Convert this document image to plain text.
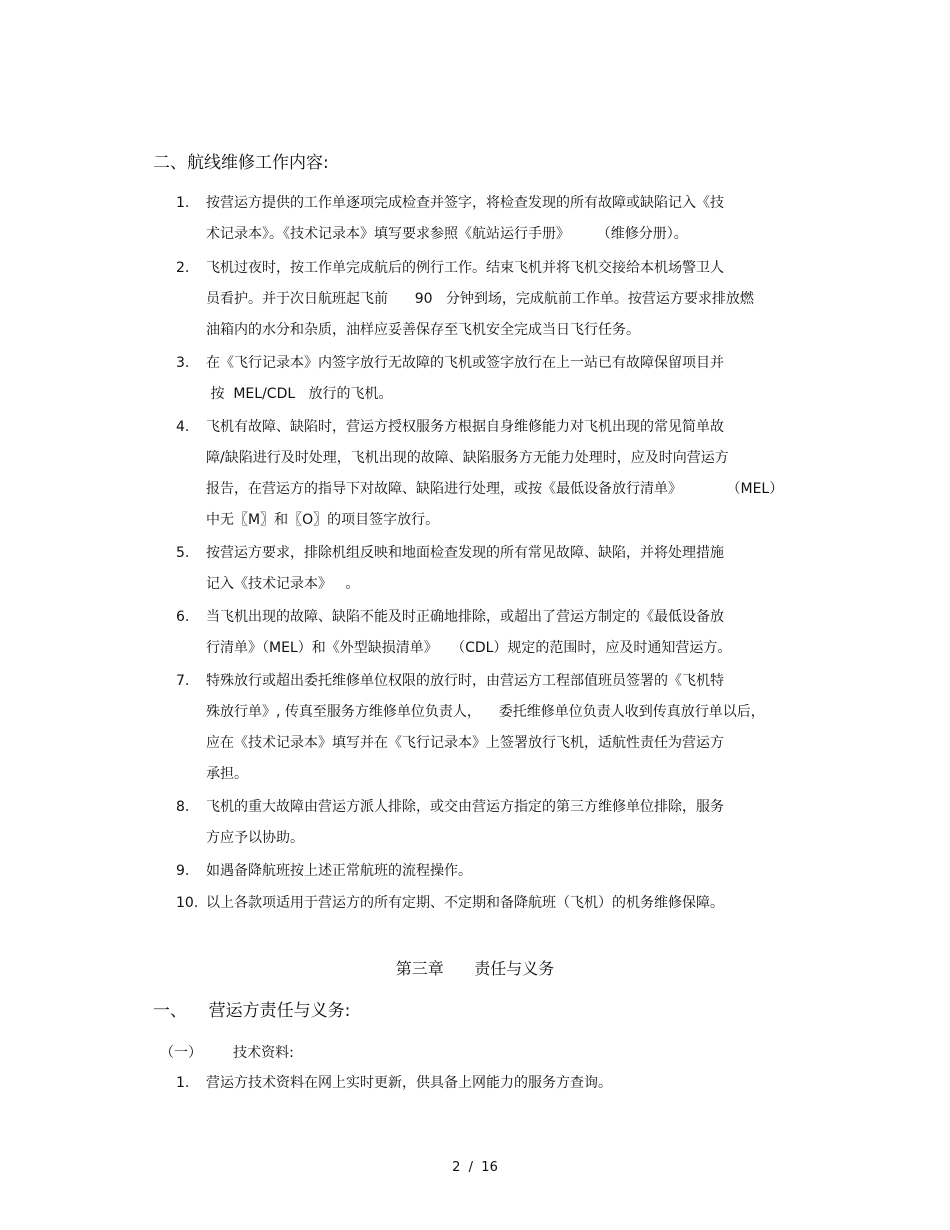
二、航线维修工作内容:
1.	按营运方提供的工作单逐项完成检查并签字，将检查发现的所有故障或缺陷记入《技
术记录本》。《技术记录本》填写要求参照《航站运行手册》      （维修分册）。
2.	飞机过夜时，按工作单完成航后的例行工作。结束飞机并将飞机交接给本机场警卫人
员看护。并于次日航班起飞前      90   分钟到场，完成航前工作单。按营运方要求排放燃
油箱内的水分和杂质，油样应妥善保存至飞机安全完成当日飞行任务。
3.	在《飞行记录本》内签字放行无故障的飞机或签字放行在上一站已有故障保留项目并
按  MEL/CDL   放行的飞机。
4.	飞机有故障、缺陷时，营运方授权服务方根据自身维修能力对飞机出现的常见简单故
障/缺陷进行及时处理，飞机出现的故障、缺陷服务方无能力处理时，应及时向营运方
报告，在营运方的指导下对故障、缺陷进行处理，或按《最低设备放行清单》          （MEL）
中无〖M〗和〖O〗的项目签字放行。
5.	按营运方要求，排除机组反映和地面检查发现的所有常见故障、缺陷，并将处理措施
记入《技术记录本》   。
6.	当飞机出现的故障、缺陷不能及时正确地排除，或超出了营运方制定的《最低设备放
行清单》（MEL）和《外型缺损清单》   （CDL）规定的范围时，应及时通知营运方。
7.	特殊放行或超出委托维修单位权限的放行时，由营运方工程部值班员签署的《飞机特
殊放行单》, 传真至服务方维修单位负责人，    委托维修单位负责人收到传真放行单以后，
应在《技术记录本》填写并在《飞行记录本》上签署放行飞机，适航性责任为营运方
承担。
8.	飞机的重大故障由营运方派人排除，或交由营运方指定的第三方维修单位排除，服务
方应予以协助。
9.	如遇备降航班按上述正常航班的流程操作。
10. 以上各款项适用于营运方的所有定期、不定期和备降航班（飞机）的机务维修保障。
第三章      责任与义务
一、    营运方责任与义务:
（一）       技术资料:
1.	营运方技术资料在网上实时更新，供具备上网能力的服务方查询。
2  /  16
